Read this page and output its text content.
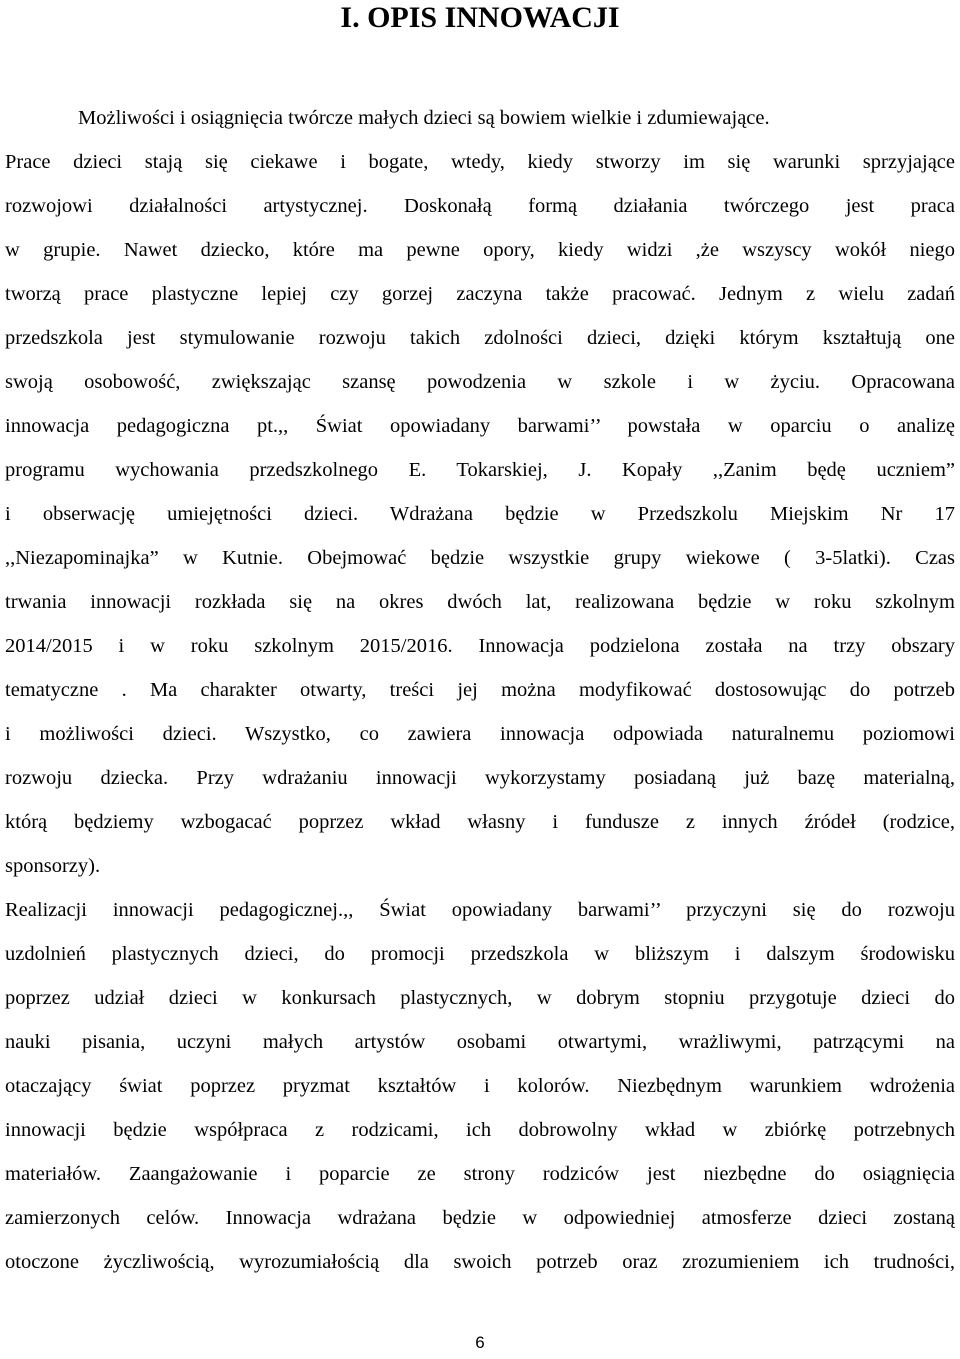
I. OPIS INNOWACJI

Możliwości i osiągnięcia twórcze małych dzieci są bowiem wielkie i zdumiewające.

Prace dzieci stają się ciekawe i bogate, wtedy, kiedy stworzy im się warunki sprzyjające

rozwojowi działalności artystycznej. Doskonałą formą działania twórczego jest praca

w grupie. Nawet dziecko, które ma pewne opory, kiedy widzi ,że wszyscy wokół niego

tworzą prace plastyczne lepiej czy gorzej zaczyna także pracować. Jednym z wielu zadań

przedszkola jest stymulowanie rozwoju takich zdolności dzieci, dzięki którym kształtują one

swoją osobowość, zwiększając szansę powodzenia w szkole i w życiu. Opracowana

innowacja pedagogiczna pt.,, Świat opowiadany barwami’’ powstała w oparciu o analizę

programu wychowania przedszkolnego E. Tokarskiej, J. Kopały ,,Zanim będę uczniem”

i obserwację umiejętności dzieci. Wdrażana będzie w Przedszkolu Miejskim Nr 17

,,Niezapominajka” w Kutnie. Obejmować będzie wszystkie grupy wiekowe ( 3-5latki). Czas

trwania innowacji rozkłada się na okres dwóch lat, realizowana będzie w roku szkolnym

2014/2015 i w roku szkolnym 2015/2016. Innowacja podzielona została na trzy obszary

tematyczne . Ma charakter otwarty, treści jej można modyfikować dostosowując do potrzeb

i możliwości dzieci. Wszystko, co zawiera innowacja odpowiada naturalnemu poziomowi

rozwoju dziecka. Przy wdrażaniu innowacji wykorzystamy posiadaną już bazę materialną,

którą będziemy wzbogacać poprzez wkład własny i fundusze z innych źródeł (rodzice,

sponsorzy).

Realizacji innowacji pedagogicznej.,, Świat opowiadany barwami’’ przyczyni się do rozwoju

uzdolnień plastycznych dzieci, do promocji przedszkola w bliższym i dalszym środowisku

poprzez udział dzieci w konkursach plastycznych, w dobrym stopniu przygotuje dzieci do

nauki pisania, uczyni małych artystów osobami otwartymi, wrażliwymi, patrzącymi na

otaczający świat poprzez pryzmat kształtów i kolorów. Niezbędnym warunkiem wdrożenia

innowacji będzie współpraca z rodzicami, ich dobrowolny wkład w zbiórkę potrzebnych

materiałów. Zaangażowanie i poparcie ze strony rodziców jest niezbędne do osiągnięcia

zamierzonych celów. Innowacja wdrażana będzie w odpowiedniej atmosferze dzieci zostaną

otoczone życzliwością, wyrozumiałością dla swoich potrzeb oraz zrozumieniem ich trudności,

6
